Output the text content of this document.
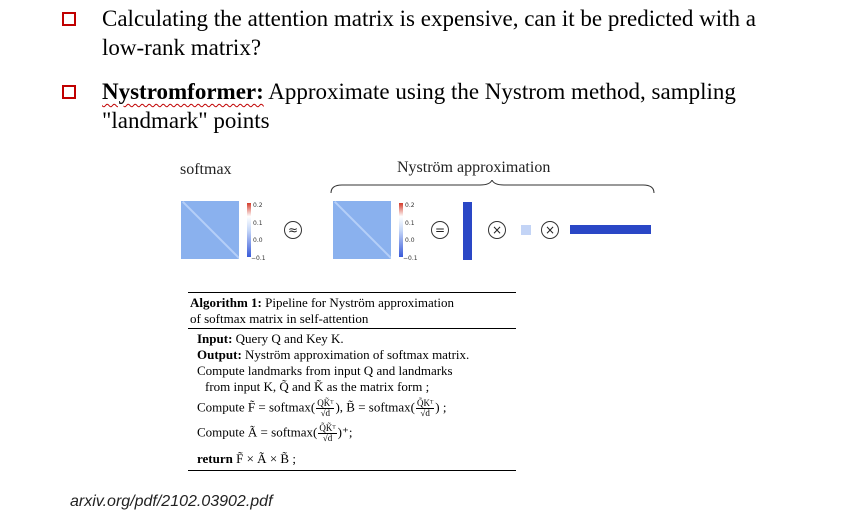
Calculating the attention matrix is expensive, can it be predicted with a low-rank matrix?
Nystromformer: Approximate using the Nystrom method, sampling "landmark" points
softmax	Nyström approximation
0.2
0.1
0.0
−0.1
≈
0.2
0.1
0.0
−0.1
=	×	×
Algorithm 1: Pipeline for Nyström approximation
of softmax matrix in self-attention
Input: Query Q and Key K.
Output: Nyström approximation of softmax matrix.
Compute landmarks from input Q and landmarks
from input K, Q̃ and K̃ as the matrix form ;
Compute F̃ = softmax( $\frac{\text{QK̃ᵀ}}{√d}$ ), B̃ = softmax( $\frac{\text{Q̃Kᵀ}}{√d}$ ) ;
Compute Ã = softmax( $\frac{\text{Q̃K̃ᵀ}}{√d}$ )⁺;
return F̃ × Ã × B̃ ;
arxiv.org/pdf/2102.03902.pdf
